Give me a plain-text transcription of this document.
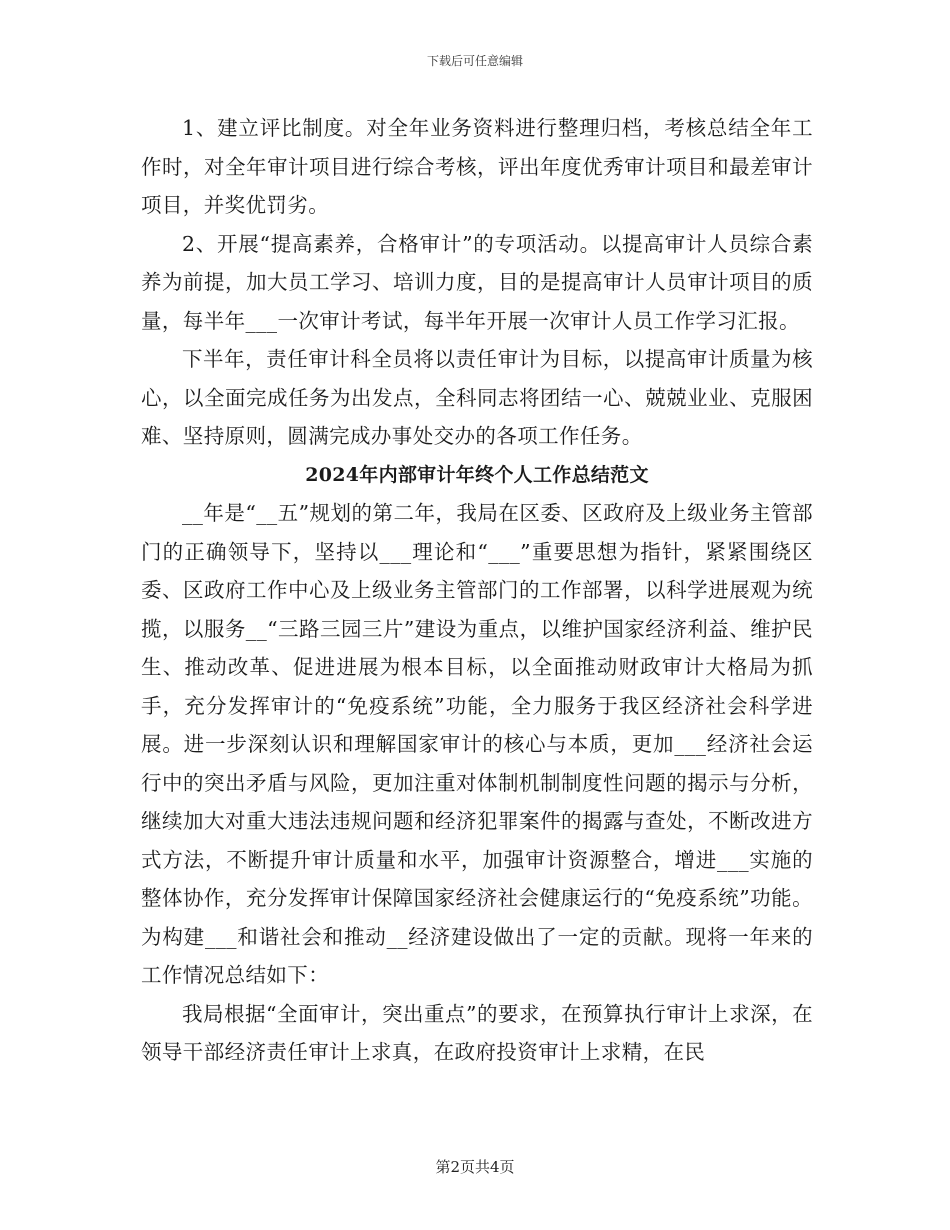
下载后可任意编辑

1、建立评比制度。对全年业务资料进行整理归档，考核总结全年工作时，对全年审计项目进行综合考核，评出年度优秀审计项目和最差审计项目，并奖优罚劣。

2、开展“提高素养，合格审计”的专项活动。以提高审计人员综合素养为前提，加大员工学习、培训力度，目的是提高审计人员审计项目的质量，每半年___一次审计考试，每半年开展一次审计人员工作学习汇报。

下半年，责任审计科全员将以责任审计为目标，以提高审计质量为核心，以全面完成任务为出发点，全科同志将团结一心、兢兢业业、克服困难、坚持原则，圆满完成办事处交办的各项工作任务。

2024年内部审计年终个人工作总结范文

__年是“__五”规划的第二年，我局在区委、区政府及上级业务主管部门的正确领导下，坚持以___理论和“___”重要思想为指针，紧紧围绕区委、区政府工作中心及上级业务主管部门的工作部署，以科学进展观为统揽，以服务__“三路三园三片”建设为重点，以维护国家经济利益、维护民生、推动改革、促进进展为根本目标，以全面推动财政审计大格局为抓手，充分发挥审计的“免疫系统”功能，全力服务于我区经济社会科学进展。进一步深刻认识和理解国家审计的核心与本质，更加___经济社会运行中的突出矛盾与风险，更加注重对体制机制制度性问题的揭示与分析，继续加大对重大违法违规问题和经济犯罪案件的揭露与查处，不断改进方式方法，不断提升审计质量和水平，加强审计资源整合，增进___实施的整体协作，充分发挥审计保障国家经济社会健康运行的“免疫系统”功能。为构建___和谐社会和推动__经济建设做出了一定的贡献。现将一年来的工作情况总结如下：

我局根据“全面审计，突出重点”的要求，在预算执行审计上求深，在领导干部经济责任审计上求真，在政府投资审计上求精，在民

第2页共4页
